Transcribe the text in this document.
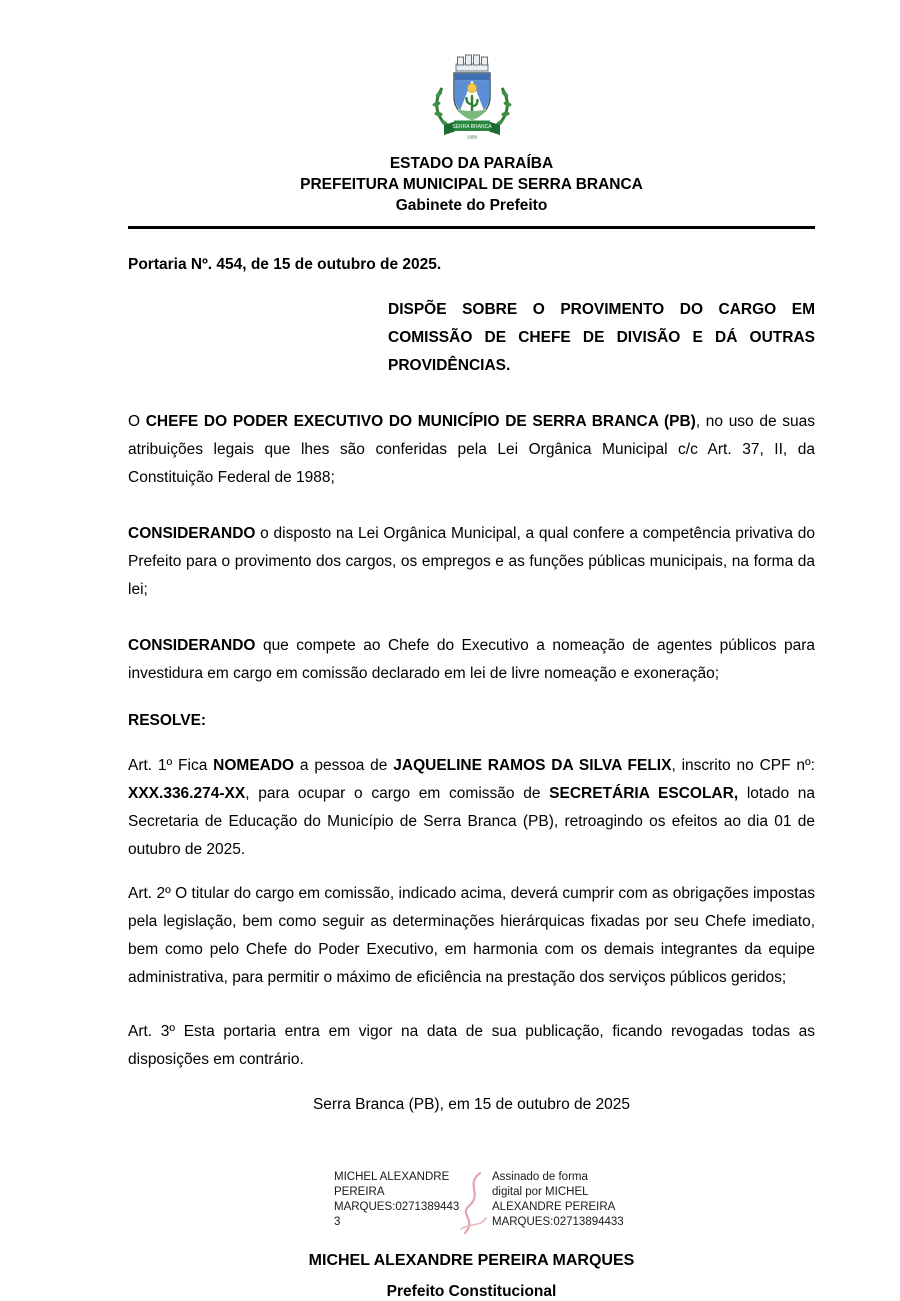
SERRA BRANCA
1959
ESTADO DA PARAÍBA
PREFEITURA MUNICIPAL DE SERRA BRANCA
Gabinete do Prefeito

Portaria Nº. 454, de 15 de outubro de 2025.

DISPÕE SOBRE O PROVIMENTO DO CARGO EM COMISSÃO DE CHEFE DE DIVISÃO E DÁ OUTRAS PROVIDÊNCIAS.

O CHEFE DO PODER EXECUTIVO DO MUNICÍPIO DE SERRA BRANCA (PB), no uso de suas atribuições legais que lhes são conferidas pela Lei Orgânica Municipal c/c Art. 37, II, da Constituição Federal de 1988;

CONSIDERANDO o disposto na Lei Orgânica Municipal, a qual confere a competência privativa do Prefeito para o provimento dos cargos, os empregos e as funções públicas municipais, na forma da lei;

CONSIDERANDO que compete ao Chefe do Executivo a nomeação de agentes públicos para investidura em cargo em comissão declarado em lei de livre nomeação e exoneração;

RESOLVE:

Art. 1º Fica NOMEADO a pessoa de JAQUELINE RAMOS DA SILVA FELIX, inscrito no CPF nº: XXX.336.274-XX, para ocupar o cargo em comissão de SECRETÁRIA ESCOLAR, lotado na Secretaria de Educação do Município de Serra Branca (PB), retroagindo os efeitos ao dia 01 de outubro de 2025.

Art. 2º O titular do cargo em comissão, indicado acima, deverá cumprir com as obrigações impostas pela legislação, bem como seguir as determinações hierárquicas fixadas por seu Chefe imediato, bem como pelo Chefe do Poder Executivo, em harmonia com os demais integrantes da equipe administrativa, para permitir o máximo de eficiência na prestação dos serviços públicos geridos;

Art. 3º Esta portaria entra em vigor na data de sua publicação, ficando revogadas todas as disposições em contrário.

Serra Branca (PB), em 15 de outubro de 2025

MICHEL ALEXANDRE
PEREIRA
MARQUES:0271389443
3
Assinado de forma
digital por MICHEL
ALEXANDRE PEREIRA
MARQUES:02713894433

MICHEL ALEXANDRE PEREIRA MARQUES

Prefeito Constitucional
